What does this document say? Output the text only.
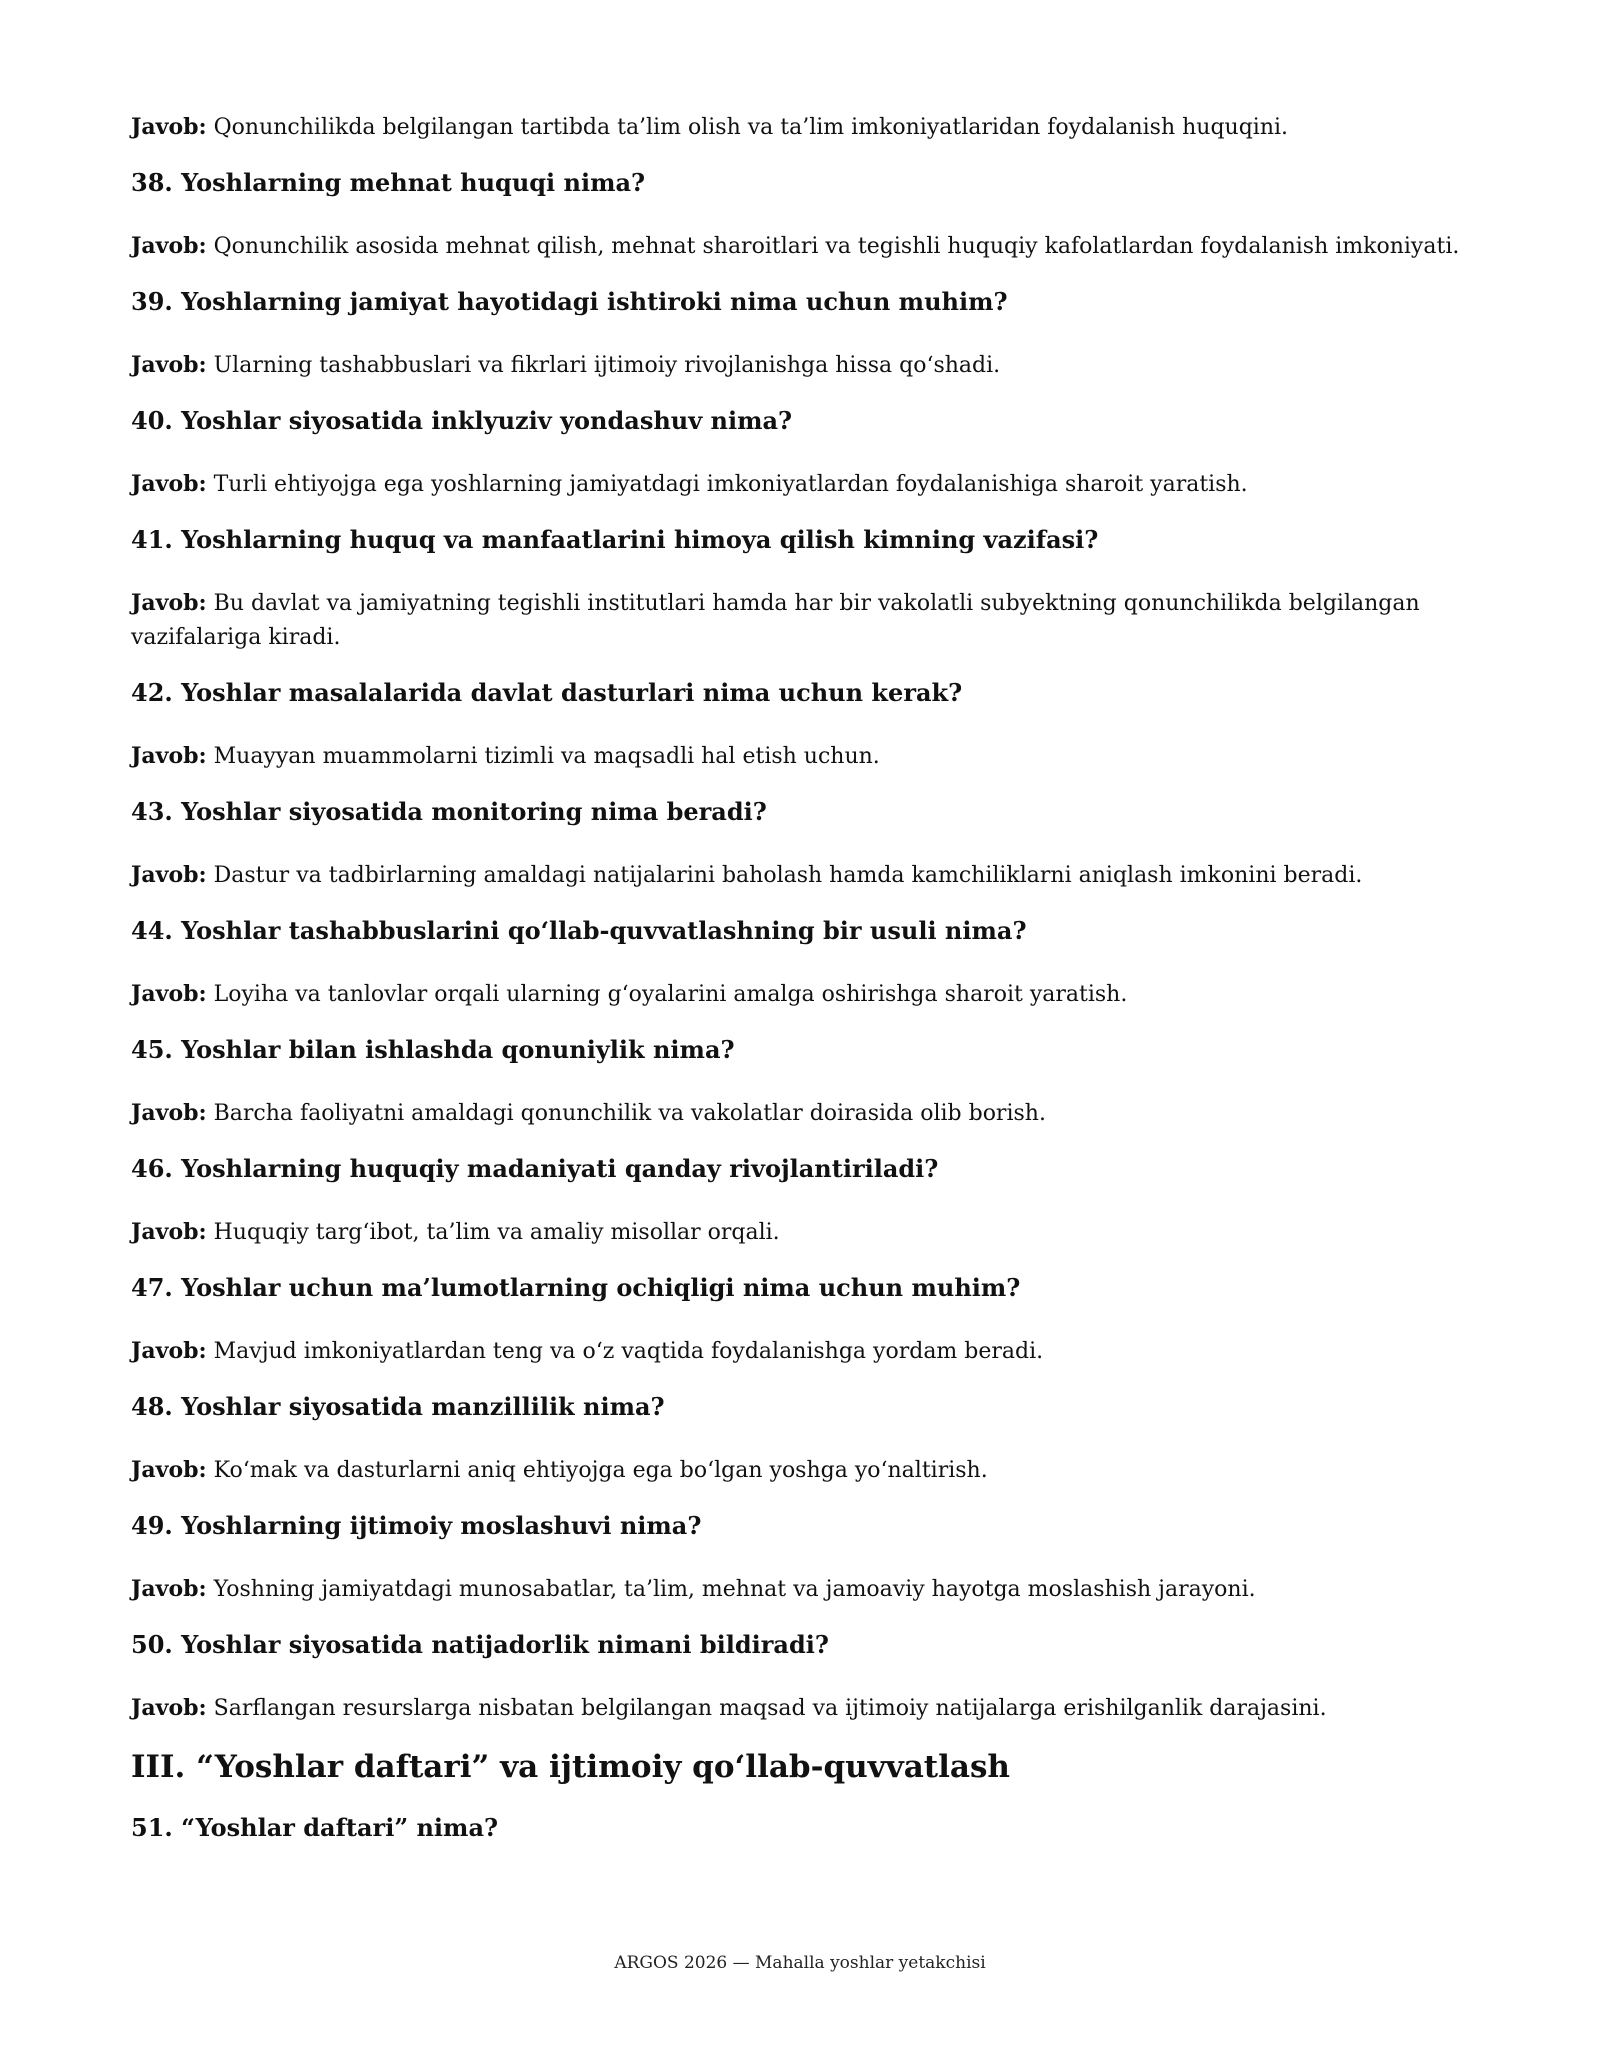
Javob: Qonunchilikda belgilangan tartibda ta’lim olish va ta’lim imkoniyatlaridan foydalanish huquqini.

38. Yoshlarning mehnat huquqi nima?

Javob: Qonunchilik asosida mehnat qilish, mehnat sharoitlari va tegishli huquqiy kafolatlardan foydalanish imkoniyati.

39. Yoshlarning jamiyat hayotidagi ishtiroki nima uchun muhim?

Javob: Ularning tashabbuslari va fikrlari ijtimoiy rivojlanishga hissa qo‘shadi.

40. Yoshlar siyosatida inklyuziv yondashuv nima?

Javob: Turli ehtiyojga ega yoshlarning jamiyatdagi imkoniyatlardan foydalanishiga sharoit yaratish.

41. Yoshlarning huquq va manfaatlarini himoya qilish kimning vazifasi?

Javob: Bu davlat va jamiyatning tegishli institutlari hamda har bir vakolatli subyektning qonunchilikda belgilangan vazifalariga kiradi.

42. Yoshlar masalalarida davlat dasturlari nima uchun kerak?

Javob: Muayyan muammolarni tizimli va maqsadli hal etish uchun.

43. Yoshlar siyosatida monitoring nima beradi?

Javob: Dastur va tadbirlarning amaldagi natijalarini baholash hamda kamchiliklarni aniqlash imkonini beradi.

44. Yoshlar tashabbuslarini qo‘llab-quvvatlashning bir usuli nima?

Javob: Loyiha va tanlovlar orqali ularning g‘oyalarini amalga oshirishga sharoit yaratish.

45. Yoshlar bilan ishlashda qonuniylik nima?

Javob: Barcha faoliyatni amaldagi qonunchilik va vakolatlar doirasida olib borish.

46. Yoshlarning huquqiy madaniyati qanday rivojlantiriladi?

Javob: Huquqiy targ‘ibot, ta’lim va amaliy misollar orqali.

47. Yoshlar uchun ma’lumotlarning ochiqligi nima uchun muhim?

Javob: Mavjud imkoniyatlardan teng va o‘z vaqtida foydalanishga yordam beradi.

48. Yoshlar siyosatida manzillilik nima?

Javob: Ko‘mak va dasturlarni aniq ehtiyojga ega bo‘lgan yoshga yo‘naltirish.

49. Yoshlarning ijtimoiy moslashuvi nima?

Javob: Yoshning jamiyatdagi munosabatlar, ta’lim, mehnat va jamoaviy hayotga moslashish jarayoni.

50. Yoshlar siyosatida natijadorlik nimani bildiradi?

Javob: Sarflangan resurslarga nisbatan belgilangan maqsad va ijtimoiy natijalarga erishilganlik darajasini.

III. “Yoshlar daftari” va ijtimoiy qo‘llab-quvvatlash
51. “Yoshlar daftari” nima?
ARGOS 2026 — Mahalla yoshlar yetakchisi
